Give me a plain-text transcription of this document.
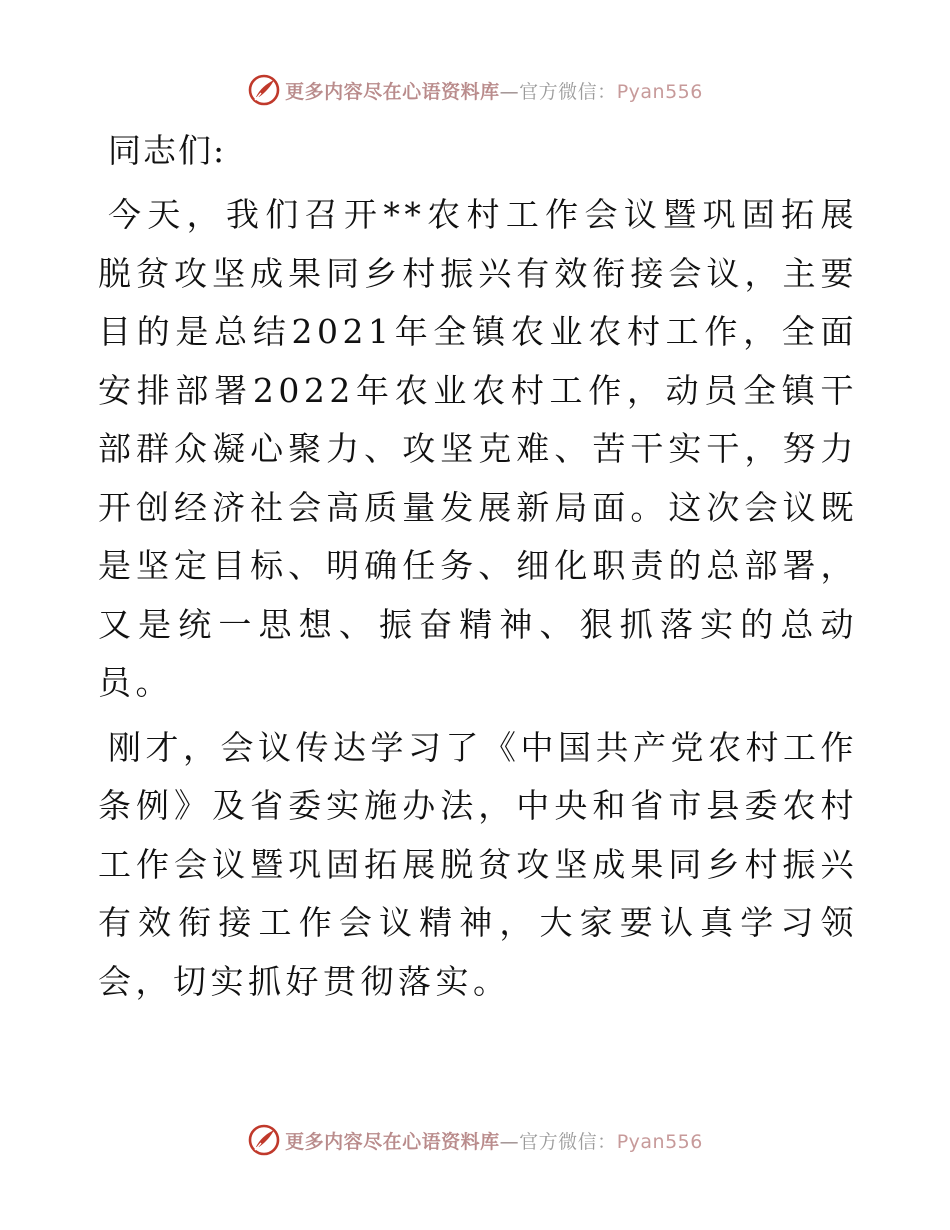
更多内容尽在心语资料库—官方微信：Pyan556
同志们:

今天，我们召开**农村工作会议暨巩固拓展脱贫攻坚成果同乡村振兴有效衔接会议，主要目的是总结2021年全镇农业农村工作，全面安排部署2022年农业农村工作，动员全镇干部群众凝心聚力、攻坚克难、苦干实干，努力开创经济社会高质量发展新局面。这次会议既是坚定目标、明确任务、细化职责的总部署，又是统一思想、振奋精神、狠抓落实的总动员。

刚才，会议传达学习了《中国共产党农村工作条例》及省委实施办法，中央和省市县委农村工作会议暨巩固拓展脱贫攻坚成果同乡村振兴有效衔接工作会议精神，大家要认真学习领会，切实抓好贯彻落实。

更多内容尽在心语资料库—官方微信：Pyan556
